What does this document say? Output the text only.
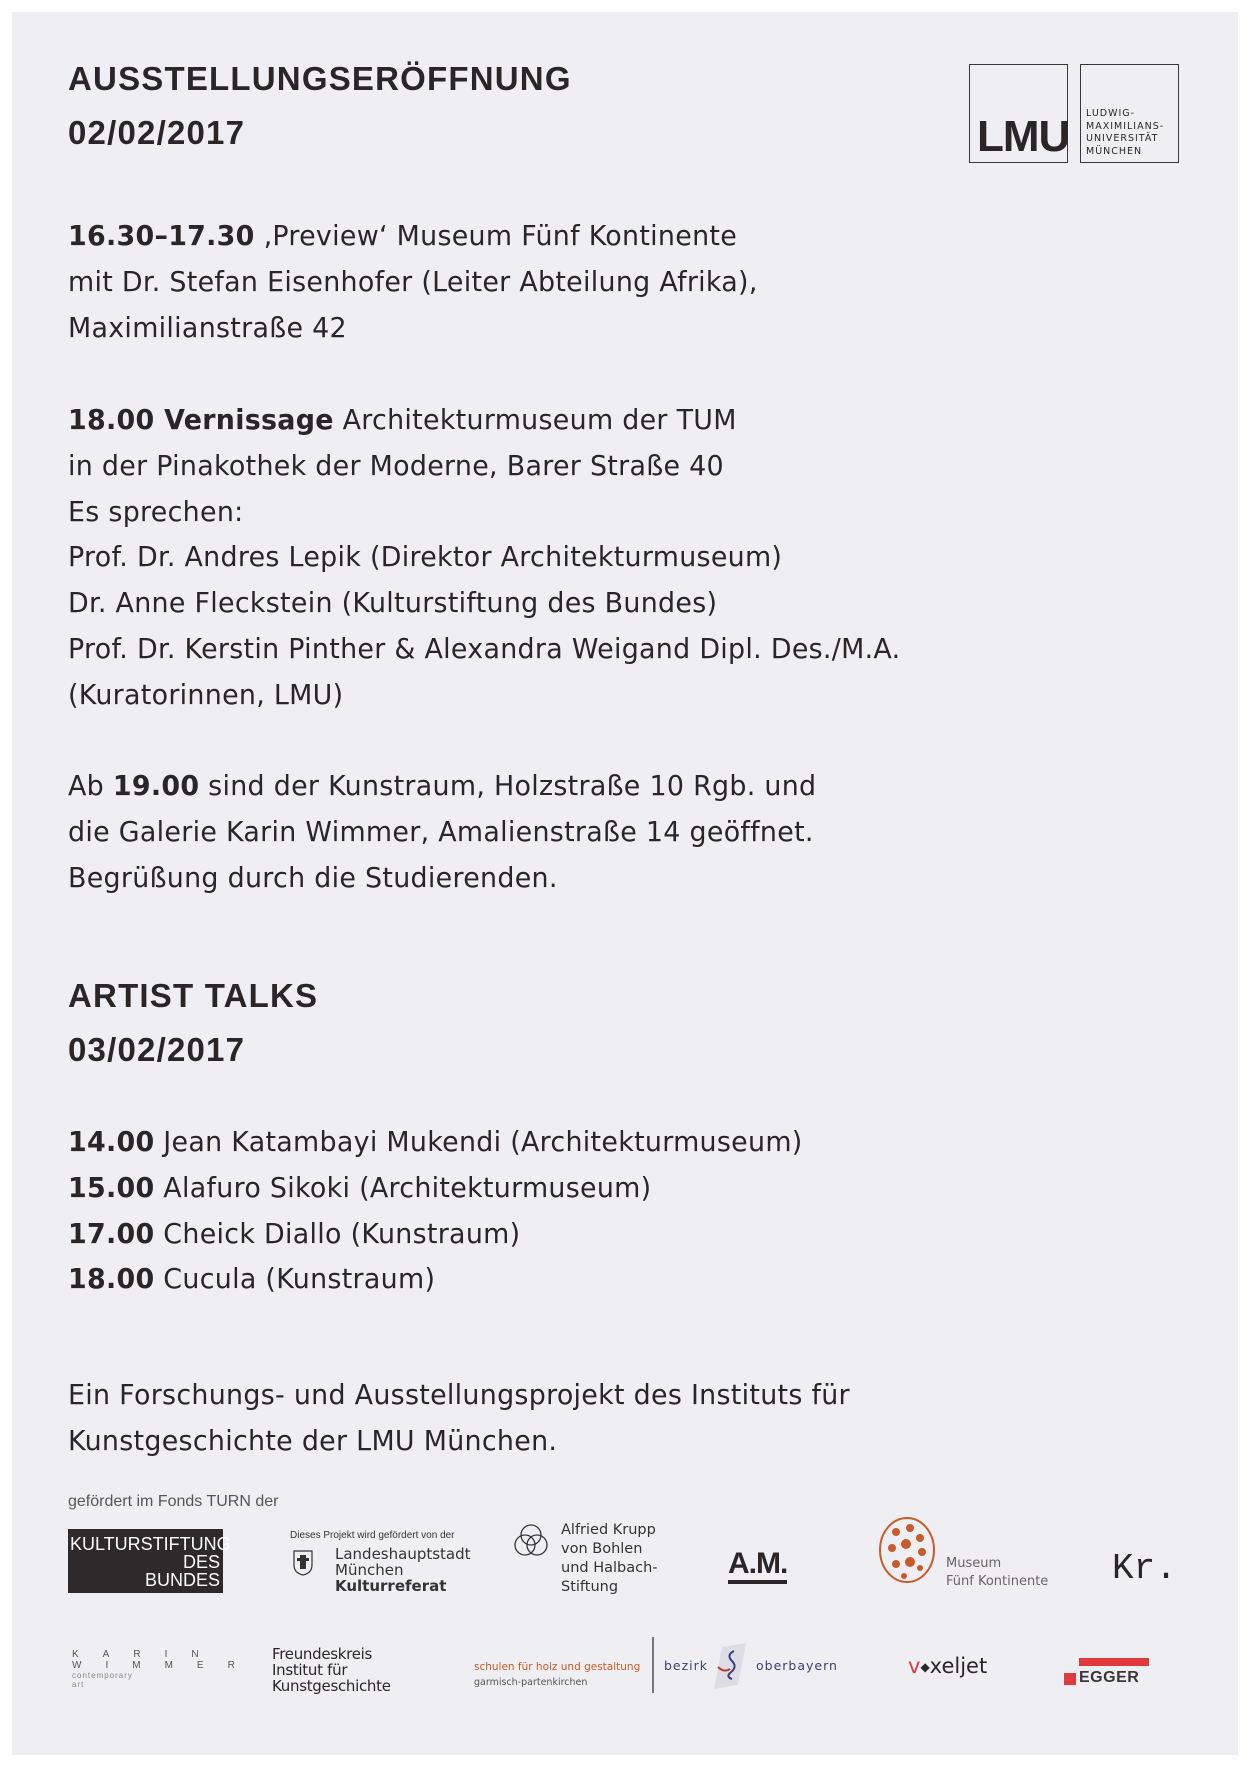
AUSSTELLUNGSERÖFFNUNG
02/02/2017	LMU LUDWIG-
MAXIMILIANS-
UNIVERSITÄT
MÜNCHEN
16.30–17.30 ‚Preview‘ Museum Fünf Kontinente
mit Dr. Stefan Eisenhofer (Leiter Abteilung Afrika),
Maximilianstraße 42
18.00 Vernissage Architekturmuseum der TUM
in der Pinakothek der Moderne, Barer Straße 40
Es sprechen:
Prof. Dr. Andres Lepik (Direktor Architekturmuseum)
Dr. Anne Fleckstein (Kulturstiftung des Bundes)
Prof. Dr. Kerstin Pinther & Alexandra Weigand Dipl. Des./M.A.
(Kuratorinnen, LMU)
Ab 19.00 sind der Kunstraum, Holzstraße 10 Rgb. und
die Galerie Karin Wimmer, Amalienstraße 14 geöffnet.
Begrüßung durch die Studierenden.
ARTIST TALKS
03/02/2017
14.00 Jean Katambayi Mukendi (Architekturmuseum)
15.00 Alafuro Sikoki (Architekturmuseum)
17.00 Cheick Diallo (Kunstraum)
18.00 Cucula (Kunstraum)
Ein Forschungs- und Ausstellungsprojekt des Instituts für
Kunstgeschichte der LMU München.
gefördert im Fonds TURN der
KULTURSTIFTUNG
DES
BUNDES
Dieses Projekt wird gefördert von der
Landeshauptstadt
München
Kulturreferat
Alfried Krupp
von Bohlen
und Halbach-
Stiftung
A.M.	Museum
Fünf Kontinente Kr.
K A R I N
W I M M E R
contemporary
art
Freundeskreis
Institut für
Kunstgeschichte
schulen für holz und gestaltung
garmisch-partenkirchen
bezirk	oberbayern	v◆xeljet	EGGER
